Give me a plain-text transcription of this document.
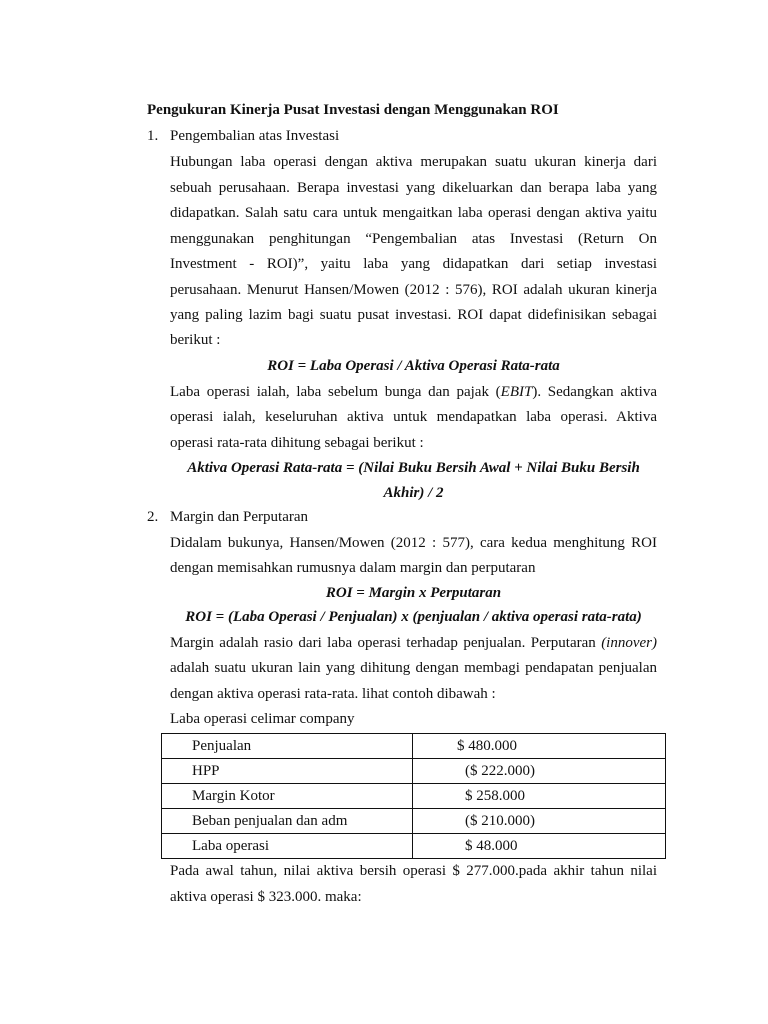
Pengukuran Kinerja Pusat Investasi dengan Menggunakan ROI
1. Pengembalian atas Investasi
Hubungan laba operasi dengan aktiva merupakan suatu ukuran kinerja dari
sebuah perusahaan. Berapa investasi yang dikeluarkan dan berapa laba yang
didapatkan. Salah satu cara untuk mengaitkan laba operasi dengan aktiva yaitu
menggunakan penghitungan “Pengembalian atas Investasi (Return On
Investment - ROI)”, yaitu laba yang didapatkan dari setiap investasi
perusahaan. Menurut Hansen/Mowen (2012 : 576), ROI adalah ukuran kinerja
yang paling lazim bagi suatu pusat investasi. ROI dapat didefinisikan sebagai
berikut :
ROI = Laba Operasi / Aktiva Operasi Rata-rata
Laba operasi ialah, laba sebelum bunga dan pajak (EBIT). Sedangkan aktiva
operasi ialah, keseluruhan aktiva untuk mendapatkan laba operasi. Aktiva
operasi rata-rata dihitung sebagai berikut :
Aktiva Operasi Rata-rata = (Nilai Buku Bersih Awal + Nilai Buku Bersih
Akhir) / 2
2. Margin dan Perputaran
Didalam bukunya, Hansen/Mowen (2012 : 577), cara kedua menghitung ROI
dengan memisahkan rumusnya dalam margin dan perputaran
ROI = Margin x Perputaran
ROI = (Laba Operasi / Penjualan) x (penjualan / aktiva operasi rata-rata)
Margin adalah rasio dari laba operasi terhadap penjualan. Perputaran (innover)
adalah suatu ukuran lain yang dihitung dengan membagi pendapatan penjualan
dengan aktiva operasi rata-rata. lihat contoh dibawah :
Laba operasi celimar company
Penjualan	$ 480.000
HPP	($ 222.000)
Margin Kotor	$ 258.000
Beban penjualan dan adm	($ 210.000)
Laba operasi	$ 48.000
Pada awal tahun, nilai aktiva bersih operasi $ 277.000.pada akhir tahun nilai
aktiva operasi $ 323.000. maka:
